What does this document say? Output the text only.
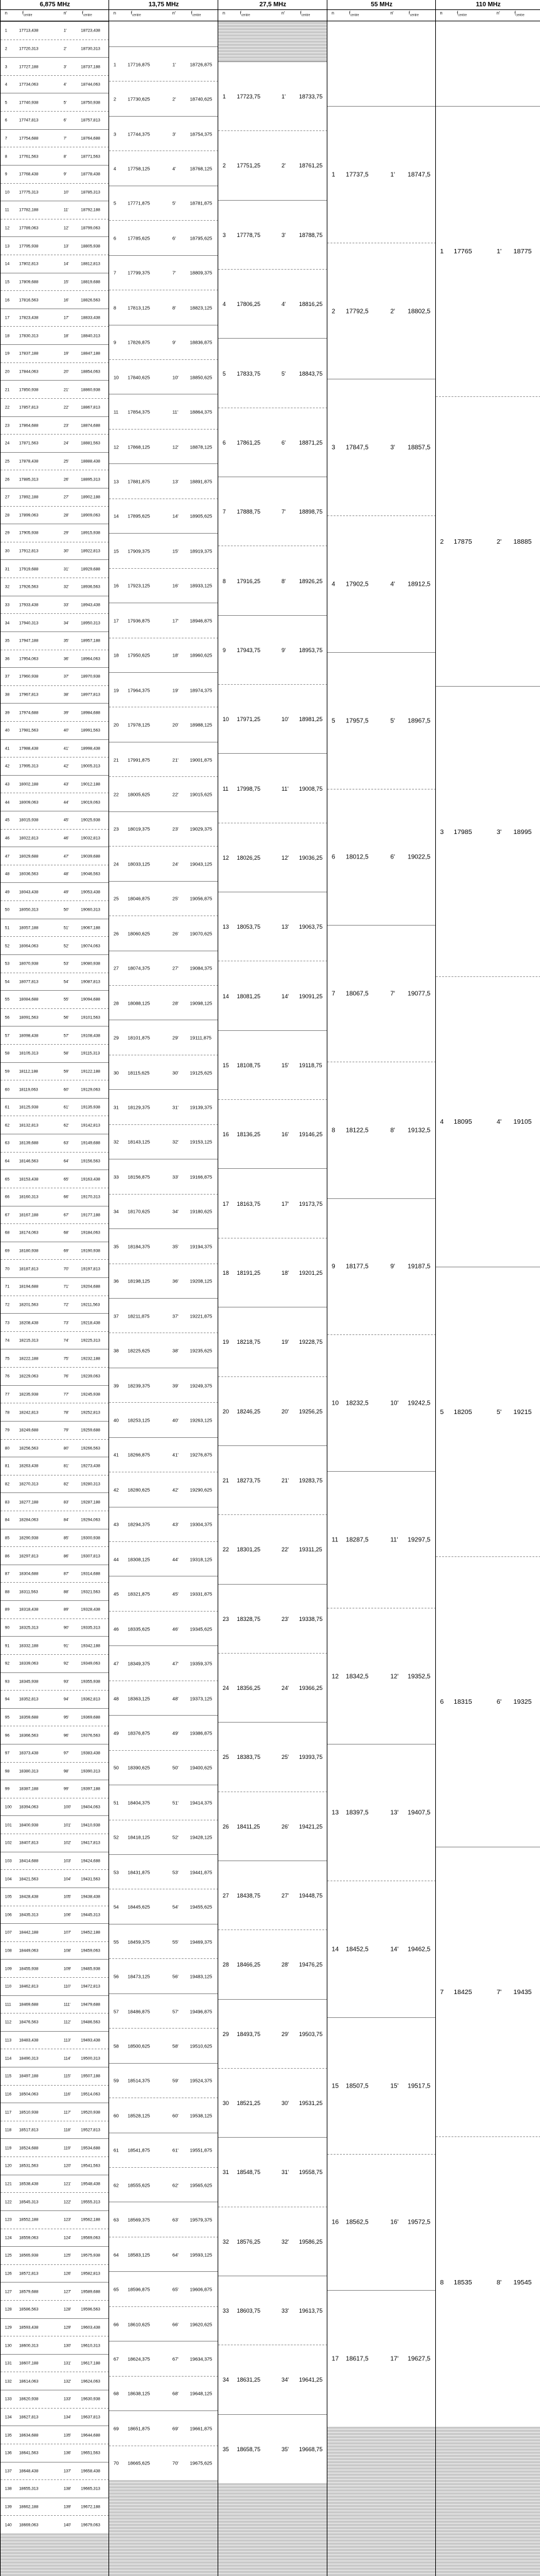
6,875 MHz
n	$f_{centre}$	n'	$f_{centre}$
1	17713,438	1'	18723,438
2	17720,313	2'	18730,313
3	17727,188	3'	18737,188
4	17734,063	4'	18744,063
5	17740,938	5'	18750,938
6	17747,813	6'	18757,813
7	17754,688	7'	18764,688
8	17761,563	8'	18771,563
9	17768,438	9'	18778,438
10 17775,313	10'	18785,313
11 17782,188	11'	18792,188
12 17789,063	12'	18799,063
13 17795,938	13'	18805,938
14 17802,813	14'	18812,813
15 17809,688	15'	18819,688
16 17816,563	16'	18826,563
17 17823,438	17'	18833,438
18 17830,313	18'	18840,313
19 17837,188	19'	18847,188
20 17844,063	20'	18854,063
21 17850,938	21'	18860,938
22 17857,813	22'	18867,813
23 17864,688	23'	18874,688
24 17871,563	24'	18881,563
25 17878,438	25'	18888,438
26 17885,313	26'	18895,313
27 17892,188	27'	18902,188
28 17899,063	28'	18909,063
29 17905,938	29'	18915,938
30 17912,813	30'	18922,813
31 17919,688	31'	18929,688
32 17926,563	32'	18936,563
33 17933,438	33'	18943,438
34 17940,313	34'	18950,313
35 17947,188	35'	18957,188
36 17954,063	36'	18964,063
37 17960,938	37'	18970,938
38 17967,813	38'	18977,813
39 17974,688	39'	18984,688
40 17981,563	40'	18991,563
41 17988,438	41'	18998,438
42 17995,313	42'	19005,313
43 18002,188	43'	19012,188
44 18009,063	44'	19019,063
45 18015,938	45'	19025,938
46 18022,813	46'	19032,813
47 18029,688	47'	19039,688
48 18036,563	48'	19046,563
49 18043,438	49'	19053,438
50 18050,313	50'	19060,313
51 18057,188	51'	19067,188
52 18064,063	52'	19074,063
53 18070,938	53'	19080,938
54 18077,813	54'	19087,813
55 18084,688	55'	19094,688
56 18091,563	56'	19101,563
57 18098,438	57'	19108,438
58 18105,313	58'	19115,313
59 18112,188	59'	19122,188
60 18119,063	60'	19129,063
61 18125,938	61'	19135,938
62 18132,813	62'	19142,813
63 18139,688	63'	19149,688
64 18146,563	64'	19156,563
65 18153,438	65'	19163,438
66 18160,313	66'	19170,313
67 18167,188	67'	19177,188
68 18174,063	68'	19184,063
69 18180,938	69'	19190,938
70 18187,813	70'	19197,813
71 18194,688	71'	19204,688
72 18201,563	72'	19211,563
73 18208,438	73'	19218,438
74 18215,313	74'	19225,313
75 18222,188	75'	19232,188
76 18229,063	76'	19239,063
77 18235,938	77'	19245,938
78 18242,813	78'	19252,813
79 18249,688	79'	19259,688
80 18256,563	80'	19266,563
81 18263,438	81'	19273,438
82 18270,313	82'	19280,313
83 18277,188	83'	19287,188
84 18284,063	84'	19294,063
85 18290,938	85'	19300,938
86 18297,813	86'	19307,813
87 18304,688	87'	19314,688
88 18311,563	88'	19321,563
89 18318,438	89'	19328,438
90 18325,313	90'	19335,313
91 18332,188	91'	19342,188
92 18339,063	92'	19349,063
93 18345,938	93'	19355,938
94 18352,813	94'	19362,813
95 18359,688	95'	19369,688
96 18366,563	96'	19376,563
97 18373,438	97'	19383,438
98 18380,313	98'	19390,313
99 18387,188	99'	19397,188
100 18394,063	100' 19404,063
101 18400,938	101' 19410,938
102 18407,813	102' 19417,813
103 18414,688	103' 19424,688
104 18421,563	104' 19431,563
105 18428,438	105' 19438,438
106 18435,313	106' 19445,313
107 18442,188	107' 19452,188
108 18449,063	108' 19459,063
109 18455,938	109' 19465,938
110 18462,813	110' 19472,813
111 18469,688	111'	19479,688
112 18476,563	112' 19486,563
113 18483,438	113' 19493,438
114 18490,313	114' 19500,313
115 18497,188	115' 19507,188
116 18504,063	116' 19514,063
117 18510,938	117' 19520,938
118 18517,813	118' 19527,813
119 18524,688	119' 19534,688
120 18531,563	120' 19541,563
121 18538,438	121' 19548,438
122 18545,313	122' 19555,313
123 18552,188	123' 19562,188
124 18559,063	124' 19569,063
125 18565,938	125' 19575,938
126 18572,813	126' 19582,813
127 18579,688	127' 19589,688
128 18586,563	128' 19596,563
129 18593,438	129' 19603,438
130 18600,313	130' 19610,313
131 18607,188	131' 19617,188
132 18614,063	132' 19624,063
133 18620,938	133' 19630,938
134 18627,813	134' 19637,813
135 18634,688	135' 19644,688
136 18641,563	136' 19651,563
137 18648,438	137' 19658,438
138 18655,313	138' 19665,313
139 18662,188	139' 19672,188
140 18669,063	140' 19679,063
13,75 MHz
n	$f_{centre}$	n'	$f_{centre}$
1 17716,875	1'	18726,875
2 17730,625	2'	18740,625
3 17744,375	3'	18754,375
4 17758,125	4'	18768,125
5 17771,875	5'	18781,875
6 17785,625	6'	18795,625
7 17799,375	7'	18809,375
8 17813,125	8'	18823,125
9 17826,875	9'	18836,875
10 17840,625	10' 18850,625
11 17854,375	11' 18864,375
12 17868,125	12' 18878,125
13 17881,875	13' 18891,875
14 17895,625	14' 18905,625
15 17909,375	15' 18919,375
16 17923,125	16' 18933,125
17 17936,875	17' 18946,875
18 17950,625	18' 18960,625
19 17964,375	19' 18974,375
20 17978,125	20' 18988,125
21 17991,875	21' 19001,875
22 18005,625	22' 19015,625
23 18019,375	23' 19029,375
24 18033,125	24' 19043,125
25 18046,875	25' 19056,875
26 18060,625	26' 19070,625
27 18074,375	27' 19084,375
28 18088,125	28' 19098,125
29 18101,875	29' 19111,875
30 18115,625	30' 19125,625
31 18129,375	31' 19139,375
32 18143,125	32' 19153,125
33 18156,875	33' 19166,875
34 18170,625	34' 19180,625
35 18184,375	35' 19194,375
36 18198,125	36' 19208,125
37 18211,875	37' 19221,875
38 18225,625	38' 19235,625
39 18239,375	39' 19249,375
40 18253,125	40' 19263,125
41 18266,875	41' 19276,875
42 18280,625	42' 19290,625
43 18294,375	43' 19304,375
44 18308,125	44' 19318,125
45 18321,875	45' 19331,875
46 18335,625	46' 19345,625
47 18349,375	47' 19359,375
48 18363,125	48' 19373,125
49 18376,875	49' 19386,875
50 18390,625	50' 19400,625
51 18404,375	51' 19414,375
52 18418,125	52' 19428,125
53 18431,875	53' 19441,875
54 18445,625	54' 19455,625
55 18459,375	55' 19469,375
56 18473,125	56' 19483,125
57 18486,875	57' 19496,875
58 18500,625	58' 19510,625
59 18514,375	59' 19524,375
60 18528,125	60' 19538,125
61 18541,875	61' 19551,875
62 18555,625	62' 19565,625
63 18569,375	63' 19579,375
64 18583,125	64' 19593,125
65 18596,875	65' 19606,875
66 18610,625	66' 19620,625
67 18624,375	67' 19634,375
68 18638,125	68' 19648,125
69 18651,875	69' 19661,875
70 18665,625	70' 19675,625
27,5 MHz
n	$f_{centre}$	n'	$f_{centre}$
1 17723,75	1' 18733,75
2 17751,25	2' 18761,25
3 17778,75	3' 18788,75
4 17806,25	4' 18816,25
5 17833,75	5' 18843,75
6 17861,25	6' 18871,25
7 17888,75	7' 18898,75
8 17916,25	8' 18926,25
9 17943,75	9' 18953,75
10 17971,25	10' 18981,25
11 17998,75	11' 19008,75
12 18026,25	12' 19036,25
13 18053,75	13' 19063,75
14 18081,25	14' 19091,25
15 18108,75	15' 19118,75
16 18136,25	16' 19146,25
17 18163,75	17' 19173,75
18 18191,25	18' 19201,25
19 18218,75	19' 19228,75
20 18246,25	20' 19256,25
21 18273,75	21' 19283,75
22 18301,25	22' 19311,25
23 18328,75	23' 19338,75
24 18356,25	24' 19366,25
25 18383,75	25' 19393,75
26 18411,25	26' 19421,25
27 18438,75	27' 19448,75
28 18466,25	28' 19476,25
29 18493,75	29' 19503,75
30 18521,25	30' 19531,25
31 18548,75	31' 19558,75
32 18576,25	32' 19586,25
33 18603,75	33' 19613,75
34 18631,25	34' 19641,25
35 18658,75	35' 19668,75
55 MHz
n	$f_{centre}$	n'	$f_{centre}$
1 17737,5	1' 18747,5
2 17792,5	2' 18802,5
3 17847,5	3' 18857,5
4 17902,5	4' 18912,5
5 17957,5	5' 18967,5
6 18012,5	6' 19022,5
7 18067,5	7' 19077,5
8 18122,5	8' 19132,5
9 18177,5	9' 19187,5
10 18232,5	10' 19242,5
11 18287,5	11' 19297,5
12 18342,5	12' 19352,5
13 18397,5	13' 19407,5
14 18452,5	14' 19462,5
15 18507,5	15' 19517,5
16 18562,5	16' 19572,5
17 18617,5	17' 19627,5
110 MHz
n	$f_{centre}$	n'	$f_{centre}$
1 17765	1' 18775
2 17875	2' 18885
3 17985	3' 18995
4 18095	4' 19105
5 18205	5' 19215
6 18315	6' 19325
7 18425	7' 19435
8 18535	8' 19545
